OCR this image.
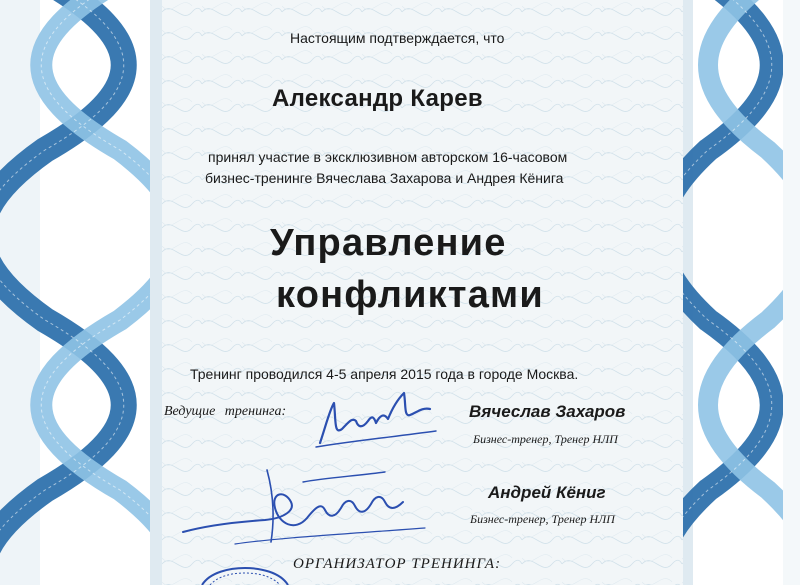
Настоящим подтверждается, что
Александр Карев
принял участие в эксклюзивном авторском 16-часовом
бизнес-тренинге Вячеслава Захарова и Андрея Кёнига
Управление
конфликтами
Тренинг проводился 4-5 апреля 2015 года в городе Москва.
Ведущие тренинга:	Вячеслав Захаров
Бизнес-тренер, Тренер НЛП
Андрей Кёниг
Бизнес-тренер, Тренер НЛП
ОРГАНИЗАТОР ТРЕНИНГА:
